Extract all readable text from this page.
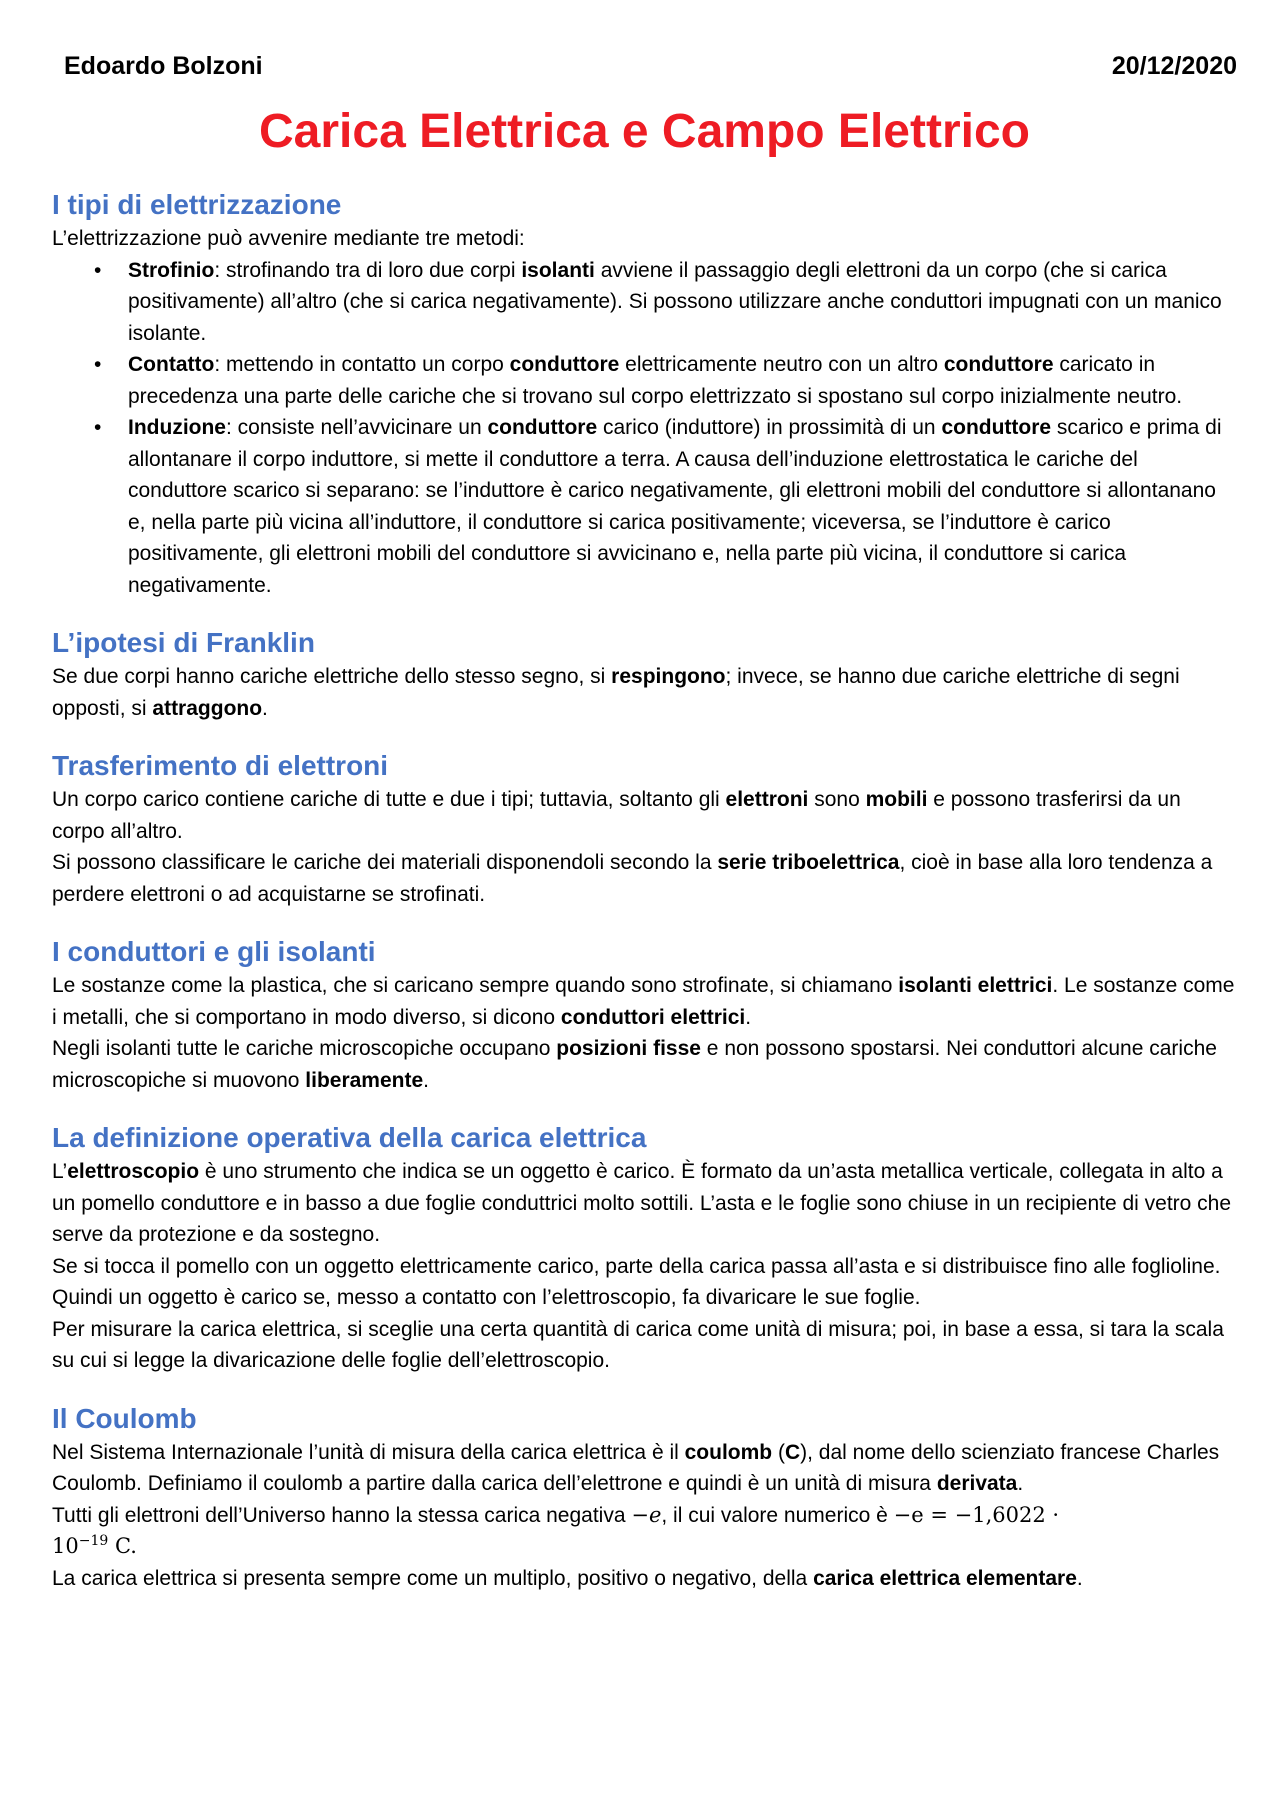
Edoardo Bolzoni	20/12/2020
Carica Elettrica e Campo Elettrico
I tipi di elettrizzazione

L’elettrizzazione può avvenire mediante tre metodi:

• Strofinio: strofinando tra di loro due corpi isolanti avviene il passaggio degli elettroni da un corpo (che si carica positivamente) all’altro (che si carica negativamente). Si possono utilizzare anche conduttori impugnati con un manico isolante.
• Contatto: mettendo in contatto un corpo conduttore elettricamente neutro con un altro conduttore caricato in precedenza una parte delle cariche che si trovano sul corpo elettrizzato si spostano sul corpo inizialmente neutro.
• Induzione: consiste nell’avvicinare un conduttore carico (induttore) in prossimità di un conduttore scarico e prima di allontanare il corpo induttore, si mette il conduttore a terra. A causa dell’induzione elettrostatica le cariche del conduttore scarico si separano: se l’induttore è carico negativamente, gli elettroni mobili del conduttore si allontanano e, nella parte più vicina all’induttore, il conduttore si carica positivamente; viceversa, se l’induttore è carico positivamente, gli elettroni mobili del conduttore si avvicinano e, nella parte più vicina, il conduttore si carica negativamente.
L’ipotesi di Franklin

Se due corpi hanno cariche elettriche dello stesso segno, si respingono; invece, se hanno due cariche elettriche di segni opposti, si attraggono.

Trasferimento di elettroni

Un corpo carico contiene cariche di tutte e due i tipi; tuttavia, soltanto gli elettroni sono mobili e possono trasferirsi da un corpo all’altro.

Si possono classificare le cariche dei materiali disponendoli secondo la serie triboelettrica, cioè in base alla loro tendenza a perdere elettroni o ad acquistarne se strofinati.

I conduttori e gli isolanti

Le sostanze come la plastica, che si caricano sempre quando sono strofinate, si chiamano isolanti elettrici. Le sostanze come i metalli, che si comportano in modo diverso, si dicono conduttori elettrici.

Negli isolanti tutte le cariche microscopiche occupano posizioni fisse e non possono spostarsi. Nei conduttori alcune cariche microscopiche si muovono liberamente.

La definizione operativa della carica elettrica

L’elettroscopio è uno strumento che indica se un oggetto è carico. È formato da un’asta metallica verticale, collegata in alto a un pomello conduttore e in basso a due foglie conduttrici molto sottili. L’asta e le foglie sono chiuse in un recipiente di vetro che serve da protezione e da sostegno.

Se si tocca il pomello con un oggetto elettricamente carico, parte della carica passa all’asta e si distribuisce fino alle foglioline. Quindi un oggetto è carico se, messo a contatto con l’elettroscopio, fa divaricare le sue foglie.

Per misurare la carica elettrica, si sceglie una certa quantità di carica come unità di misura; poi, in base a essa, si tara la scala su cui si legge la divaricazione delle foglie dell’elettroscopio.

Il Coulomb

Nel Sistema Internazionale l’unità di misura della carica elettrica è il coulomb (C), dal nome dello scienziato francese Charles Coulomb. Definiamo il coulomb a partire dalla carica dell’elettrone e quindi è un unità di misura derivata.

Tutti gli elettroni dell’Universo hanno la stessa carica negativa −e, il cui valore numerico è −e = −1,6022 ·
$10^{-19}$ C.

La carica elettrica si presenta sempre come un multiplo, positivo o negativo, della carica elettrica elementare.
